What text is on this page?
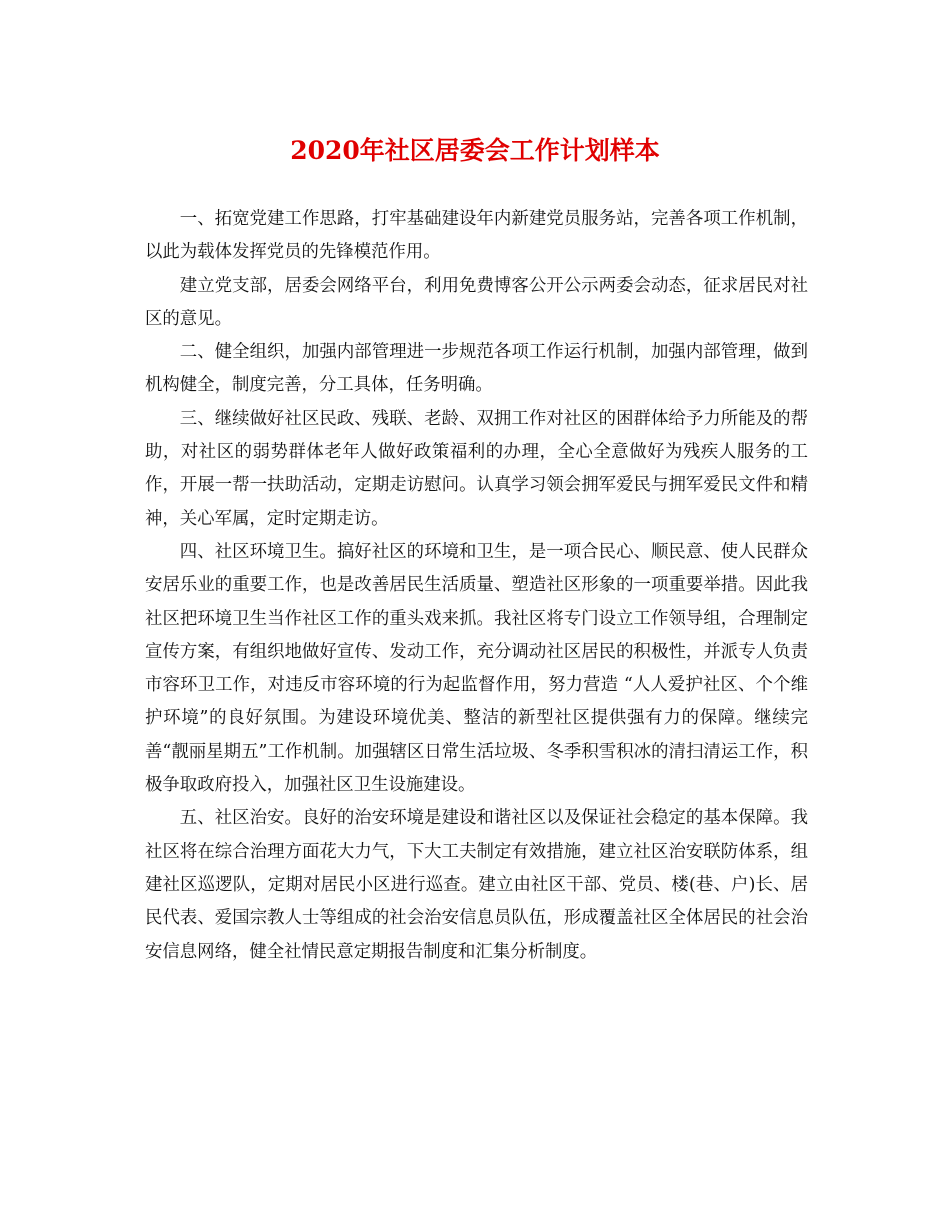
2020年社区居委会工作计划样本

一、拓宽党建工作思路，打牢基础建设年内新建党员服务站，完善各项工作机制，以此为载体发挥党员的先锋模范作用。

建立党支部，居委会网络平台，利用免费博客公开公示两委会动态，征求居民对社区的意见。

二、健全组织，加强内部管理进一步规范各项工作运行机制，加强内部管理，做到机构健全，制度完善，分工具体，任务明确。

三、继续做好社区民政、残联、老龄、双拥工作对社区的困群体给予力所能及的帮助，对社区的弱势群体老年人做好政策福利的办理，全心全意做好为残疾人服务的工作，开展一帮一扶助活动，定期走访慰问。认真学习领会拥军爱民与拥军爱民文件和精神，关心军属，定时定期走访。

四、社区环境卫生。搞好社区的环境和卫生，是一项合民心、顺民意、使人民群众安居乐业的重要工作，也是改善居民生活质量、塑造社区形象的一项重要举措。因此我社区把环境卫生当作社区工作的重头戏来抓。我社区将专门设立工作领导组，合理制定宣传方案，有组织地做好宣传、发动工作，充分调动社区居民的积极性，并派专人负责市容环卫工作，对违反市容环境的行为起监督作用，努力营造 “人人爱护社区、个个维护环境”的良好氛围。为建设环境优美、整洁的新型社区提供强有力的保障。继续完善“靓丽星期五”工作机制。加强辖区日常生活垃圾、冬季积雪积冰的清扫清运工作，积极争取政府投入，加强社区卫生设施建设。

五、社区治安。良好的治安环境是建设和谐社区以及保证社会稳定的基本保障。我社区将在综合治理方面花大力气，下大工夫制定有效措施，建立社区治安联防体系，组建社区巡逻队，定期对居民小区进行巡查。建立由社区干部、党员、楼(巷、户)长、居民代表、爱国宗教人士等组成的社会治安信息员队伍，形成覆盖社区全体居民的社会治安信息网络，健全社情民意定期报告制度和汇集分析制度。
